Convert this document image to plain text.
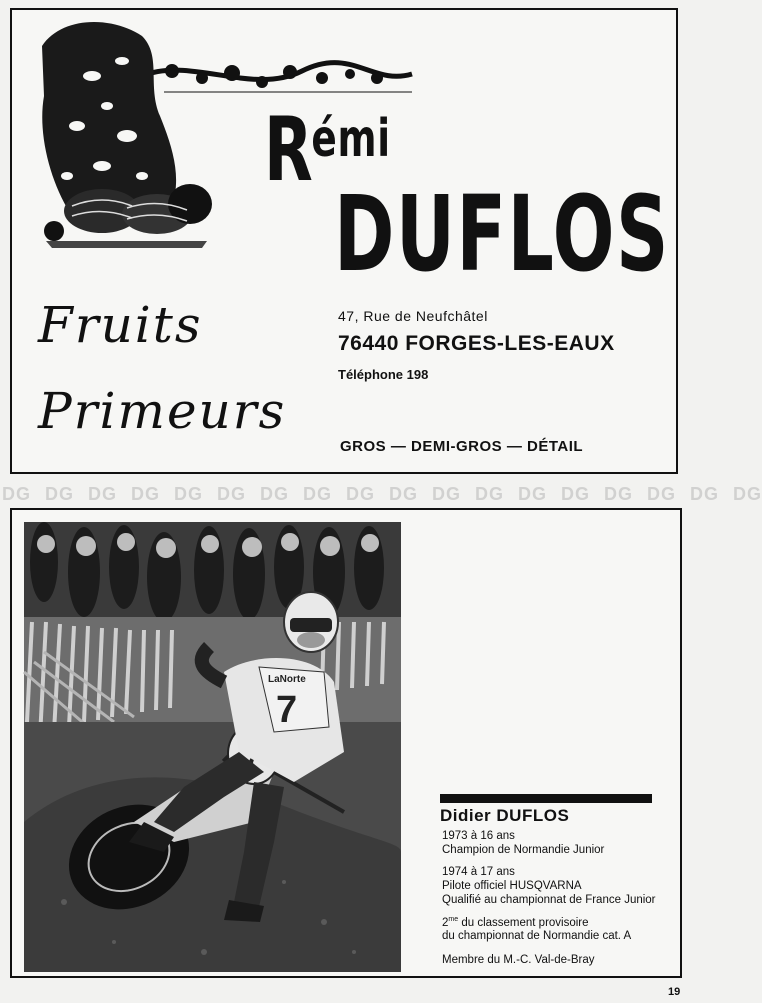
$R^{émi}$
DUFLOS
Fruits
Primeurs
47, Rue de Neufchâtel
76440 FORGES-LES-EAUX
Téléphone 198
GROS — DEMI-GROS — DÉTAIL
DG DG DG DG DG DG DG DG DG DG DG DG DG DG DG DG DG DG
LaNorte
7
Didier DUFLOS
1973 à 16 ans
Champion de Normandie Junior
1974 à 17 ans
Pilote officiel HUSQVARNA
Qualifié au championnat de France Junior
$2^{me}$ du classement provisoire
du championnat de Normandie cat. A
Membre du M.-C. Val-de-Bray
19
